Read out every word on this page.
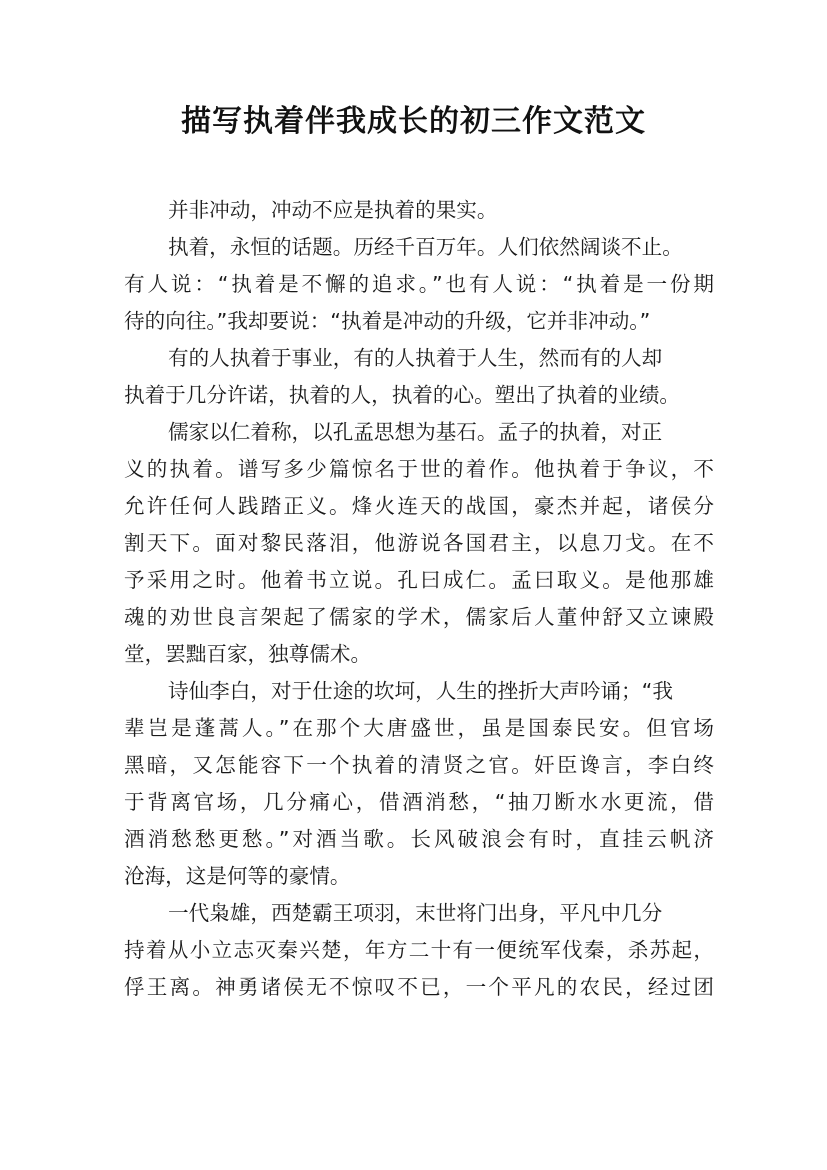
描写执着伴我成长的初三作文范文
并非冲动，冲动不应是执着的果实。
执着，永恒的话题。历经千百万年。人们依然阔谈不止。
有人说：“执着是不懈的追求。”也有人说：“执着是一份期
待的向往。”我却要说：“执着是冲动的升级，它并非冲动。”
有的人执着于事业，有的人执着于人生，然而有的人却
执着于几分许诺，执着的人，执着的心。塑出了执着的业绩。
儒家以仁着称，以孔孟思想为基石。孟子的执着，对正
义的执着。谱写多少篇惊名于世的着作。他执着于争议，不
允许任何人践踏正义。烽火连天的战国，豪杰并起，诸侯分
割天下。面对黎民落泪，他游说各国君主，以息刀戈。在不
予采用之时。他着书立说。孔曰成仁。孟曰取义。是他那雄
魂的劝世良言架起了儒家的学术，儒家后人董仲舒又立谏殿
堂，罢黜百家，独尊儒术。
诗仙李白，对于仕途的坎坷，人生的挫折大声吟诵；“我
辈岂是蓬蒿人。”在那个大唐盛世，虽是国泰民安。但官场
黑暗，又怎能容下一个执着的清贤之官。奸臣谗言，李白终
于背离官场，几分痛心，借酒消愁，“抽刀断水水更流，借
酒消愁愁更愁。”对酒当歌。长风破浪会有时，直挂云帆济
沧海，这是何等的豪情。
一代枭雄，西楚霸王项羽，末世将门出身，平凡中几分
持着从小立志灭秦兴楚，年方二十有一便统军伐秦，杀苏起，
俘王离。神勇诸侯无不惊叹不已，一个平凡的农民，经过团
